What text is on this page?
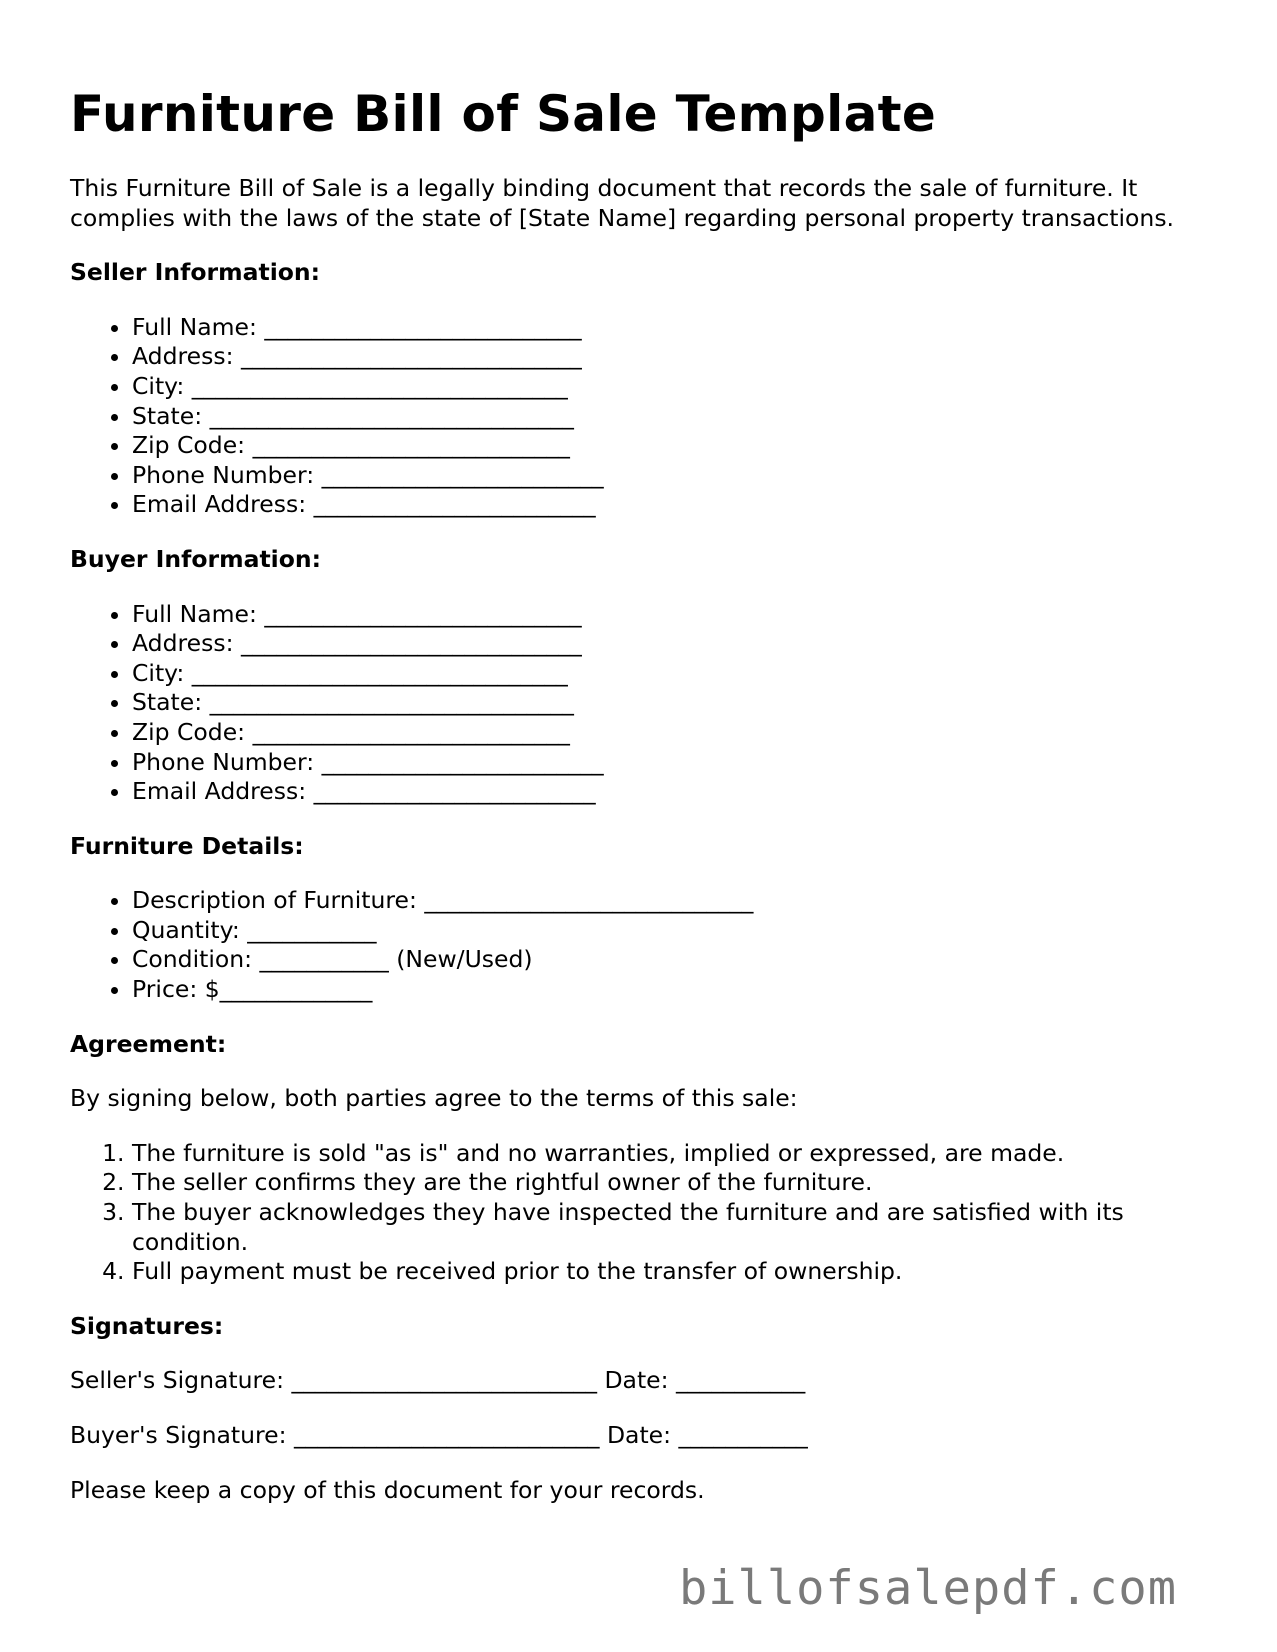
Furniture Bill of Sale Template

This Furniture Bill of Sale is a legally binding document that records the sale of furniture. It complies with the laws of the state of [State Name] regarding personal property transactions.

Seller Information:
• Full Name: ___________________________
• Address: _____________________________
• City: ________________________________
• State: _______________________________
• Zip Code: ___________________________
• Phone Number: ________________________
• Email Address: ________________________
Buyer Information:
• Full Name: ___________________________
• Address: _____________________________
• City: ________________________________
• State: _______________________________
• Zip Code: ___________________________
• Phone Number: ________________________
• Email Address: ________________________
Furniture Details:
• Description of Furniture: ____________________________
• Quantity: ___________
• Condition: ___________ (New/Used)
• Price: $_____________
Agreement:

By signing below, both parties agree to the terms of this sale:

1. The furniture is sold "as is" and no warranties, implied or expressed, are made.
2. The seller confirms they are the rightful owner of the furniture.
3. The buyer acknowledges they have inspected the furniture and are satisfied with its condition.
4. Full payment must be received prior to the transfer of ownership.
Signatures:

Seller's Signature: __________________________ Date: ___________

Buyer's Signature: __________________________ Date: ___________

Please keep a copy of this document for your records.

billofsalepdf.com
